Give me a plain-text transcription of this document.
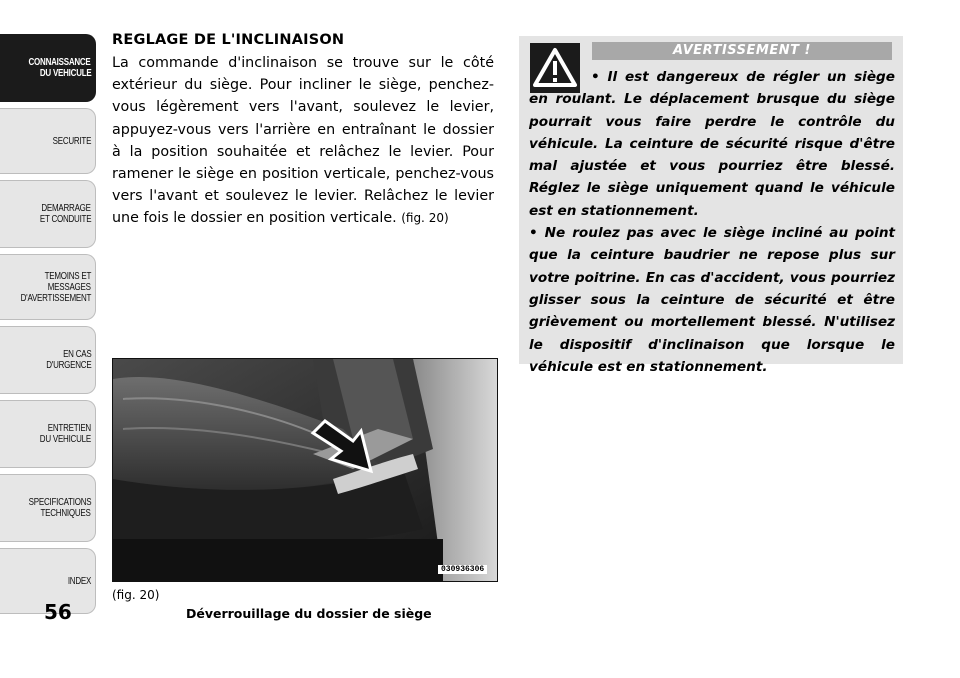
CONNAISSANCE
DU VEHICULE
SECURITE
DEMARRAGE
ET CONDUITE
TEMOINS ET
MESSAGES
D'AVERTISSEMENT
EN CAS
D'URGENCE
ENTRETIEN
DU VEHICULE
SPECIFICATIONS
TECHNIQUES
INDEX
56
REGLAGE DE L'INCLINAISON
La commande d'inclinaison se trouve sur le côté extérieur du siège. Pour incliner le siège, penchez-vous légèrement vers l'avant, soulevez le levier, appuyez-vous vers l'arrière en entraînant le dossier à la position souhaitée et relâchez le levier. Pour ramener le siège en position verticale, penchez-vous vers l'avant et soulevez le levier. Relâchez le levier une fois le dossier en position verticale. (fig. 20)
030936306
(fig. 20)
Déverrouillage du dossier de siège
AVERTISSEMENT !

• Il est dangereux de régler un siège en roulant. Le déplacement brusque du siège pourrait vous faire perdre le contrôle du véhicule. La ceinture de sécurité risque d'être mal ajustée et vous pourriez être blessé. Réglez le siège uniquement quand le véhicule est en stationnement.

• Ne roulez pas avec le siège incliné au point que la ceinture baudrier ne repose plus sur votre poitrine. En cas d'accident, vous pourriez glisser sous la ceinture de sécurité et être grièvement ou mortellement blessé. N'utilisez le dispositif d'inclinaison que lorsque le véhicule est en stationnement.
